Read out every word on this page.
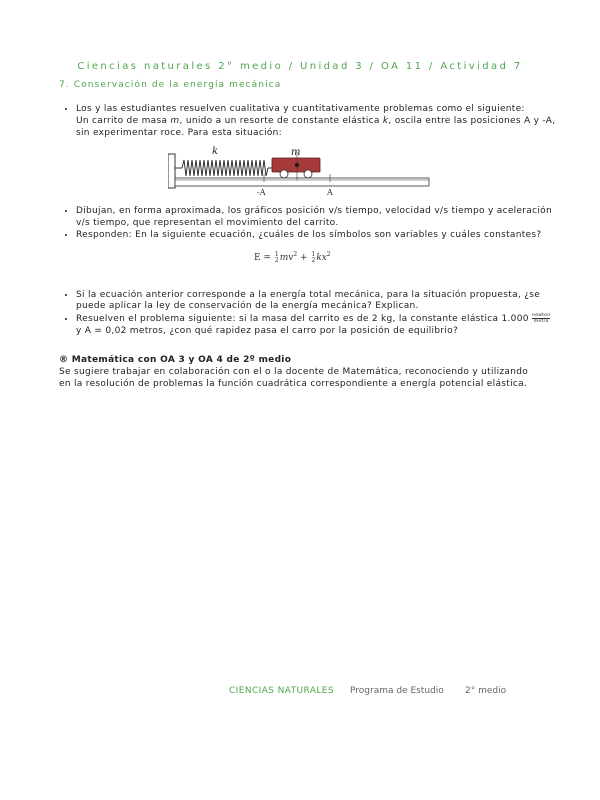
Ciencias naturales 2° medio / Unidad 3 / OA 11 / Actividad 7
7. Conservación de la energía mecánica
• Los y las estudiantes resuelven cualitativa y cuantitativamente problemas como el siguiente:
Un carrito de masa m, unido a un resorte de constante elástica k, oscila entre las posiciones A y -A, sin experimentar roce. Para esta situación:
• Dibujan, en forma aproximada, los gráficos posición v/s tiempo, velocidad v/s tiempo y aceleración v/s tiempo, que representan el movimiento del carrito.
• Responden: En la siguiente ecuación, ¿cuáles de los símbolos son variables y cuáles constantes?
• Si la ecuación anterior corresponde a la energía total mecánica, para la situación propuesta, ¿se puede aplicar la ley de conservación de la energía mecánica? Explican.
• Resuelven el problema siguiente: si la masa del carrito es de 2 kg, la constante elástica $1.000 \frac{\text{newton}}{\text{metro}}$
y A = 0,02 metros, ¿con qué rapidez pasa el carro por la posición de equilibrio?
k	m
-A	A
E = 1
2 $mv^2 + 1$
2 $kx^2$
® Matemática con OA 3 y OA 4 de 2º medio
Se sugiere trabajar en colaboración con el o la docente de Matemática, reconociendo y utilizando en la resolución de problemas la función cuadrática correspondiente a energía potencial elástica.
CIENCIAS NATURALES Programa de Estudio 2° medio
